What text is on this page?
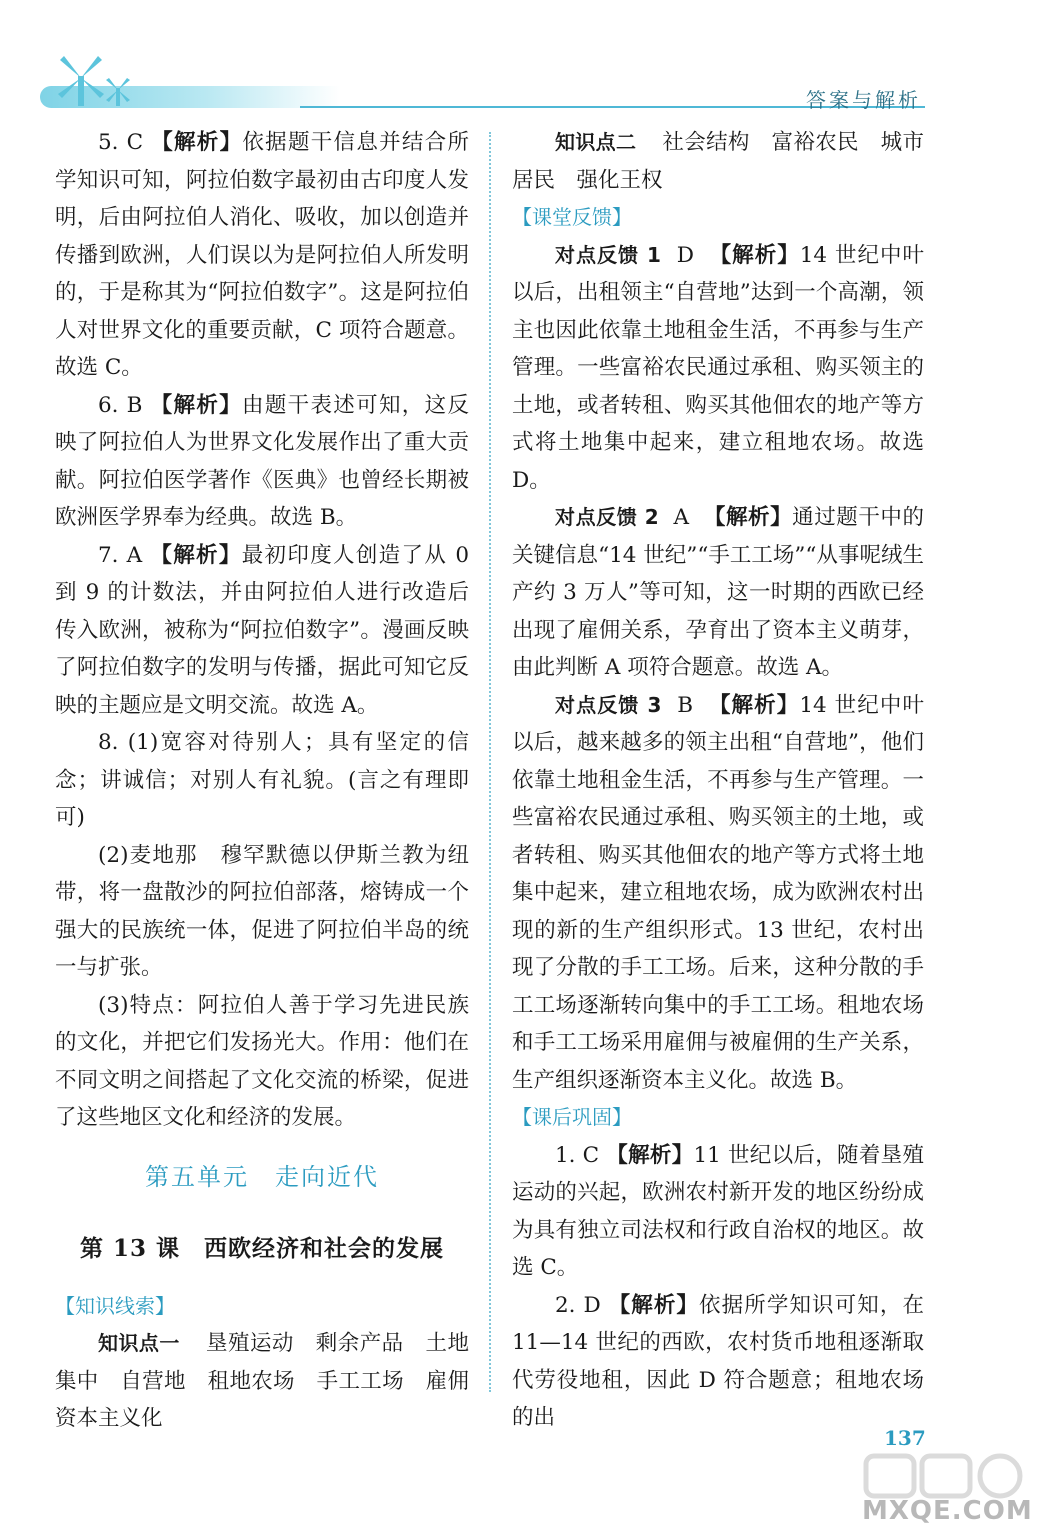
答案与解析

5. C 【解析】依据题干信息并结合所学知识可知，阿拉伯数字最初由古印度人发明，后由阿拉伯人消化、吸收，加以创造并传播到欧洲，人们误以为是阿拉伯人所发明的，于是称其为“阿拉伯数字”。这是阿拉伯人对世界文化的重要贡献，C 项符合题意。故选 C。

6. B 【解析】由题干表述可知，这反映了阿拉伯人为世界文化发展作出了重大贡献。阿拉伯医学著作《医典》也曾经长期被欧洲医学界奉为经典。故选 B。

7. A 【解析】最初印度人创造了从 0 到 9 的计数法，并由阿拉伯人进行改造后传入欧洲，被称为“阿拉伯数字”。漫画反映了阿拉伯数字的发明与传播，据此可知它反映的主题应是文明交流。故选 A。

8. (1)宽容对待别人；具有坚定的信念；讲诚信；对别人有礼貌。(言之有理即可)

(2)麦地那　穆罕默德以伊斯兰教为纽带，将一盘散沙的阿拉伯部落，熔铸成一个强大的民族统一体，促进了阿拉伯半岛的统一与扩张。

(3)特点：阿拉伯人善于学习先进民族的文化，并把它们发扬光大。作用：他们在不同文明之间搭起了文化交流的桥梁，促进了这些地区文化和经济的发展。

第五单元　走向近代

第 13 课　西欧经济和社会的发展

【知识线索】

知识点一 垦殖运动　剩余产品　土地集中　自营地　租地农场　手工工场　雇佣　资本主义化

知识点二 社会结构　富裕农民　城市居民　强化王权

【课堂反馈】

对点反馈 1 D 【解析】14 世纪中叶以后，出租领主“自营地”达到一个高潮，领主也因此依靠土地租金生活，不再参与生产管理。一些富裕农民通过承租、购买领主的土地，或者转租、购买其他佃农的地产等方式将土地集中起来，建立租地农场。故选 D。

对点反馈 2 A 【解析】通过题干中的关键信息“14 世纪”“手工工场”“从事呢绒生产约 3 万人”等可知，这一时期的西欧已经出现了雇佣关系，孕育出了资本主义萌芽，由此判断 A 项符合题意。故选 A。

对点反馈 3 B 【解析】14 世纪中叶以后，越来越多的领主出租“自营地”，他们依靠土地租金生活，不再参与生产管理。一些富裕农民通过承租、购买领主的土地，或者转租、购买其他佃农的地产等方式将土地集中起来，建立租地农场，成为欧洲农村出现的新的生产组织形式。13 世纪，农村出现了分散的手工工场。后来，这种分散的手工工场逐渐转向集中的手工工场。租地农场和手工工场采用雇佣与被雇佣的生产关系，生产组织逐渐资本主义化。故选 B。

【课后巩固】

1. C 【解析】11 世纪以后，随着垦殖运动的兴起，欧洲农村新开发的地区纷纷成为具有独立司法权和行政自治权的地区。故选 C。

2. D 【解析】依据所学知识可知，在 11—14 世纪的西欧，农村货币地租逐渐取代劳役地租，因此 D 符合题意；租地农场的出

137
MXQE.COM
